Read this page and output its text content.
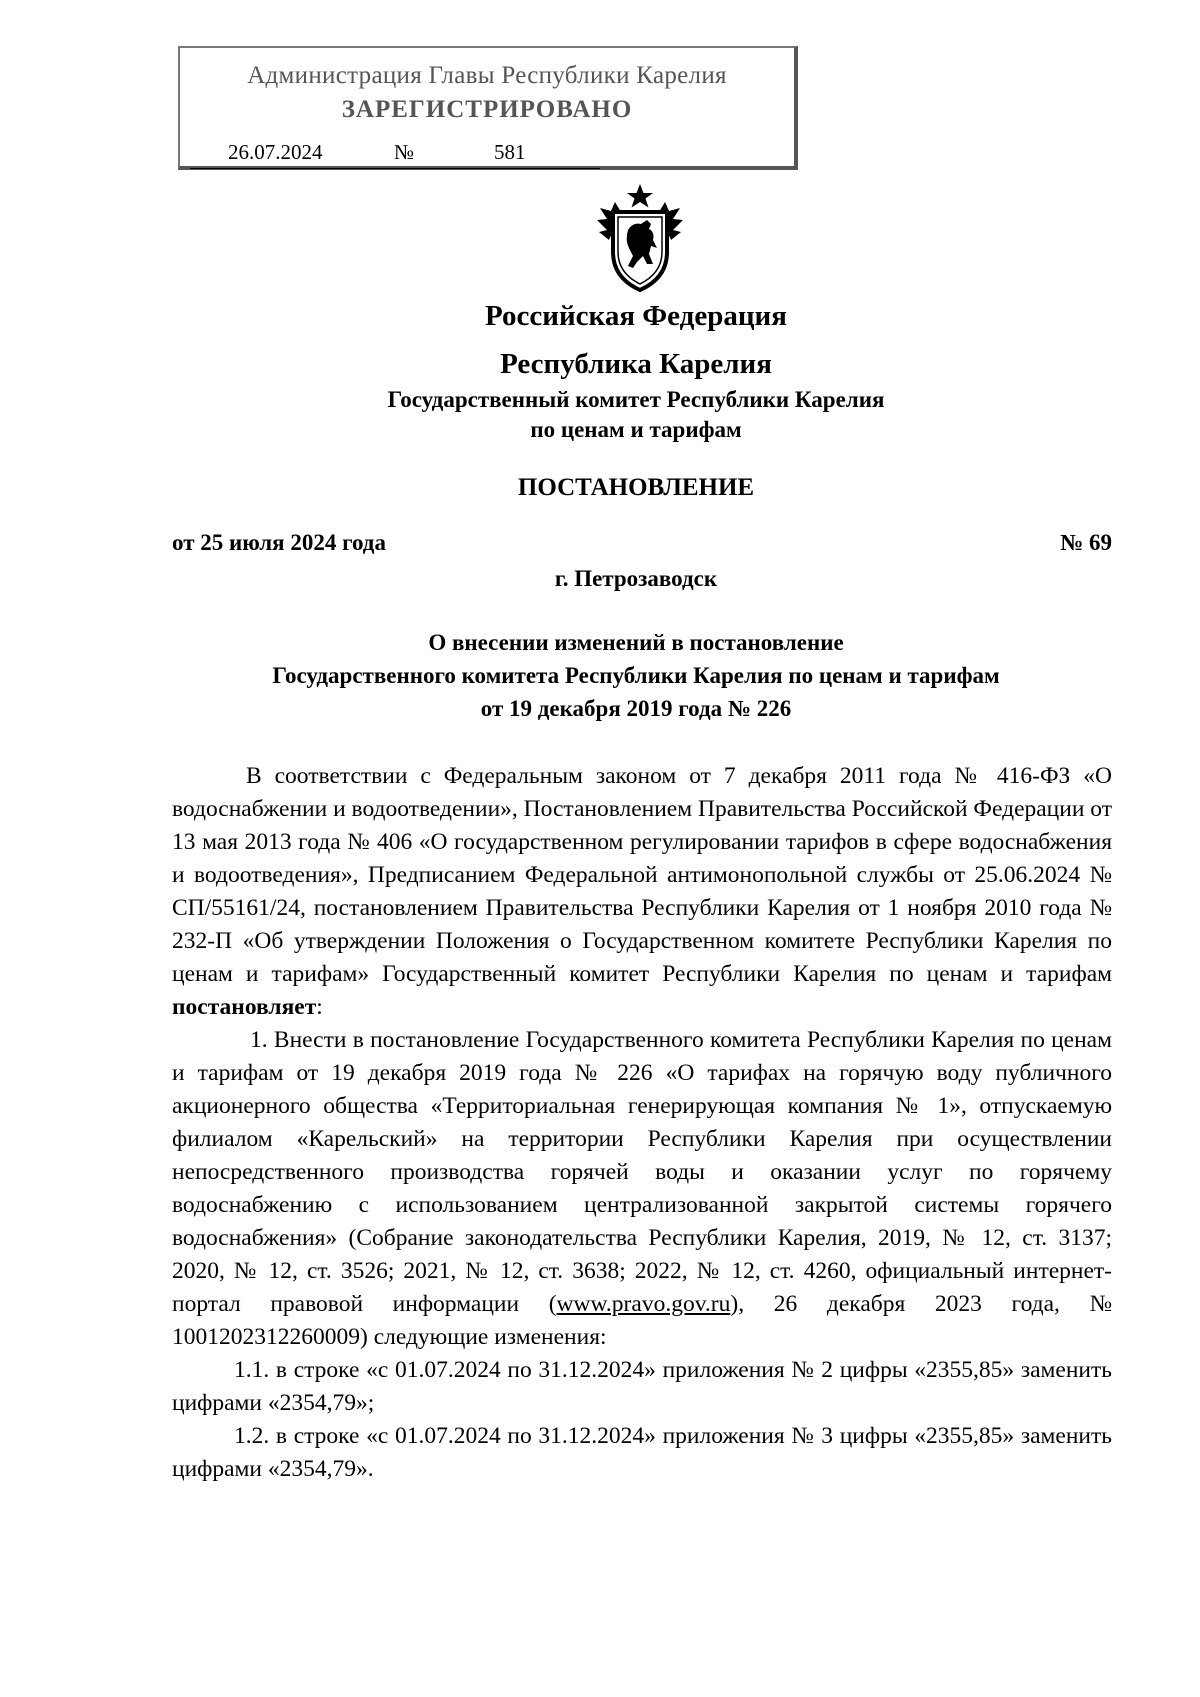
Администрация Главы Республики Карелия
ЗАРЕГИСТРИРОВАНО
26.07.2024	№	581
Российская Федерация
Республика Карелия
Государственный комитет Республики Карелия
по ценам и тарифам
ПОСТАНОВЛЕНИЕ
от 25 июля 2024 года	№ 69
г. Петрозаводск
О внесении изменений в постановление
Государственного комитета Республики Карелия по ценам и тарифам
от 19 декабря 2019 года № 226

В соответствии с Федеральным законом от 7 декабря 2011 года № 416-ФЗ «О водоснабжении и водоотведении», Постановлением Правительства Российской Федерации от 13 мая 2013 года № 406 «О государственном регулировании тарифов в сфере водоснабжения и водоотведения», Предписанием Федеральной антимонопольной службы от 25.06.2024 № СП/55161/24, постановлением Правительства Республики Карелия от 1 ноября 2010 года № 232-П «Об утверждении Положения о Государственном комитете Республики Карелия по ценам и тарифам» Государственный комитет Республики Карелия по ценам и тарифам постановляет:

1. Внести в постановление Государственного комитета Республики Карелия по ценам и тарифам от 19 декабря 2019 года № 226 «О тарифах на горячую воду публичного акционерного общества «Территориальная генерирующая компания № 1», отпускаемую филиалом «Карельский» на территории Республики Карелия при осуществлении непосредственного производства горячей воды и оказании услуг по горячему водоснабжению с использованием централизованной закрытой системы горячего водоснабжения» (Собрание законодательства Республики Карелия, 2019, № 12, ст. 3137; 2020, № 12, ст. 3526; 2021, № 12, ст. 3638; 2022, № 12, ст. 4260, официальный интернет-портал правовой информации (www.pravo.gov.ru), 26 декабря 2023 года, № 1001202312260009) следующие изменения:

1.1. в строке «с 01.07.2024 по 31.12.2024» приложения № 2 цифры «2355,85» заменить цифрами «2354,79»;

1.2. в строке «с 01.07.2024 по 31.12.2024» приложения № 3 цифры «2355,85» заменить цифрами «2354,79».
